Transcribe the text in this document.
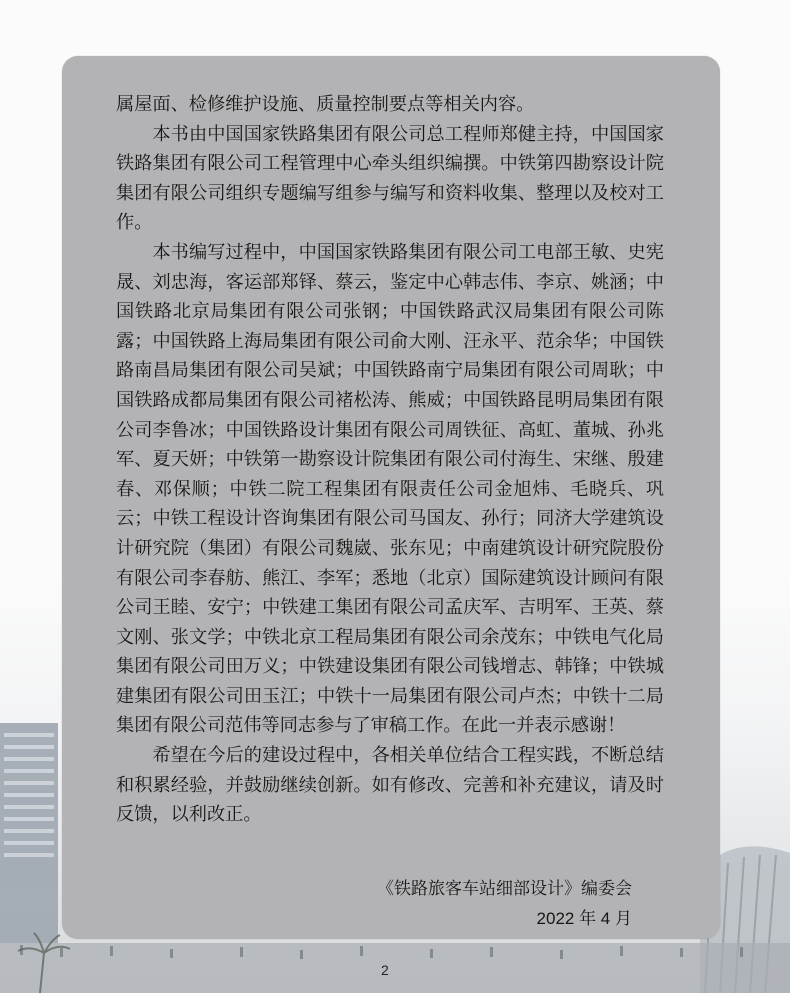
属屋面、检修维护设施、质量控制要点等相关内容。

本书由中国国家铁路集团有限公司总工程师郑健主持，中国国家铁路集团有限公司工程管理中心牵头组织编撰。中铁第四勘察设计院集团有限公司组织专题编写组参与编写和资料收集、整理以及校对工作。

本书编写过程中，中国国家铁路集团有限公司工电部王敏、史宪晟、刘忠海，客运部郑铎、蔡云，鉴定中心韩志伟、李京、姚涵；中国铁路北京局集团有限公司张钢；中国铁路武汉局集团有限公司陈露；中国铁路上海局集团有限公司俞大刚、汪永平、范余华；中国铁路南昌局集团有限公司吴斌；中国铁路南宁局集团有限公司周耿；中国铁路成都局集团有限公司褚松涛、熊威；中国铁路昆明局集团有限公司李鲁冰；中国铁路设计集团有限公司周铁征、高虹、董城、孙兆军、夏天妍；中铁第一勘察设计院集团有限公司付海生、宋继、殷建春、邓保顺；中铁二院工程集团有限责任公司金旭炜、毛晓兵、巩云；中铁工程设计咨询集团有限公司马国友、孙行；同济大学建筑设计研究院（集团）有限公司魏崴、张东见；中南建筑设计研究院股份有限公司李春舫、熊江、李军；悉地（北京）国际建筑设计顾问有限公司王睦、安宁；中铁建工集团有限公司孟庆军、吉明军、王英、蔡文刚、张文学；中铁北京工程局集团有限公司余茂东；中铁电气化局集团有限公司田万义；中铁建设集团有限公司钱增志、韩锋；中铁城建集团有限公司田玉江；中铁十一局集团有限公司卢杰；中铁十二局集团有限公司范伟等同志参与了审稿工作。在此一并表示感谢！

希望在今后的建设过程中，各相关单位结合工程实践，不断总结和积累经验，并鼓励继续创新。如有修改、完善和补充建议，请及时反馈，以利改正。

《铁路旅客车站细部设计》编委会
2022 年 4 月
2
